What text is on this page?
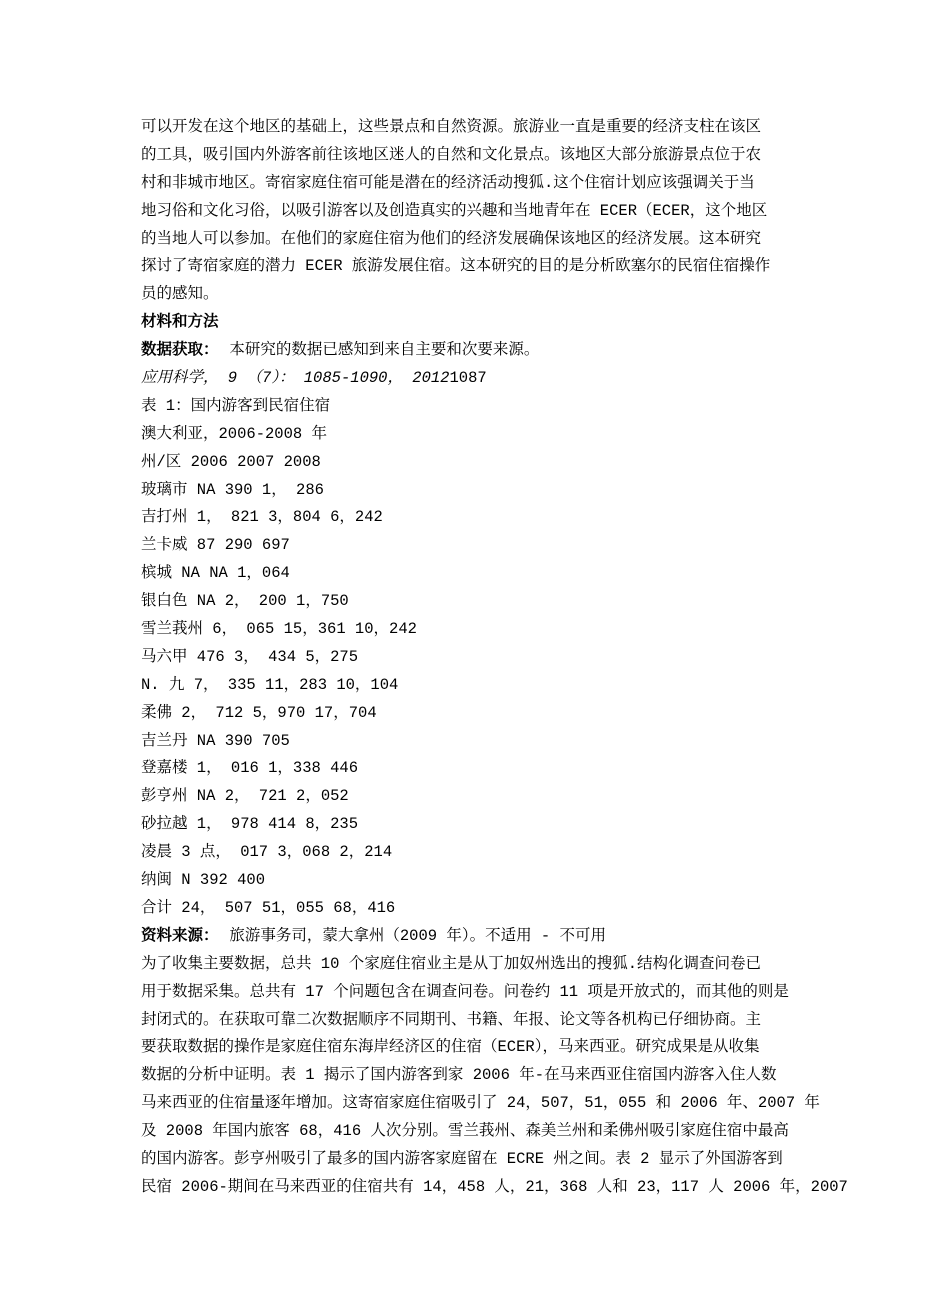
可以开发在这个地区的基础上，这些景点和自然资源。旅游业一直是重要的经济支柱在该区
的工具，吸引国内外游客前往该地区迷人的自然和文化景点。该地区大部分旅游景点位于农
村和非城市地区。寄宿家庭住宿可能是潜在的经济活动搜狐.这个住宿计划应该强调关于当
地习俗和文化习俗，以吸引游客以及创造真实的兴趣和当地青年在 ECER（ECER，这个地区
的当地人可以参加。在他们的家庭住宿为他们的经济发展确保该地区的经济发展。这本研究
探讨了寄宿家庭的潜力 ECER 旅游发展住宿。这本研究的目的是分析欧塞尔的民宿住宿操作
员的感知。
材料和方法
数据获取： 本研究的数据已感知到来自主要和次要来源。
应用科学， 9 （7）： 1085-1090， 20121087
表 1：国内游客到民宿住宿
澳大利亚，2006-2008 年
州/区 2006 2007 2008
玻璃市 NA 390 1， 286
吉打州 1， 821 3，804 6，242
兰卡威 87 290 697
槟城 NA NA 1，064
银白色 NA 2， 200 1，750
雪兰莪州 6， 065 15，361 10，242
马六甲 476 3， 434 5，275
N. 九 7， 335 11，283 10，104
柔佛 2， 712 5，970 17，704
吉兰丹 NA 390 705
登嘉楼 1， 016 1，338 446
彭亨州 NA 2， 721 2，052
砂拉越 1， 978 414 8，235
凌晨 3 点， 017 3，068 2，214
纳闽 N 392 400
合计 24， 507 51，055 68，416
资料来源： 旅游事务司，蒙大拿州（2009 年）。不适用 - 不可用
为了收集主要数据，总共 10 个家庭住宿业主是从丁加奴州选出的搜狐.结构化调查问卷已
用于数据采集。总共有 17 个问题包含在调查问卷。问卷约 11 项是开放式的，而其他的则是
封闭式的。在获取可靠二次数据顺序不同期刊、书籍、年报、论文等各机构已仔细协商。主
要获取数据的操作是家庭住宿东海岸经济区的住宿（ECER），马来西亚。研究成果是从收集
数据的分析中证明。表 1 揭示了国内游客到家 2006 年-在马来西亚住宿国内游客入住人数
马来西亚的住宿量逐年增加。这寄宿家庭住宿吸引了 24，507，51，055 和 2006 年、2007 年
及 2008 年国内旅客 68，416 人次分别。雪兰莪州、森美兰州和柔佛州吸引家庭住宿中最高
的国内游客。彭亨州吸引了最多的国内游客家庭留在 ECRE 州之间。表 2 显示了外国游客到
民宿 2006-期间在马来西亚的住宿共有 14，458 人，21，368 人和 23，117 人 2006 年，2007
